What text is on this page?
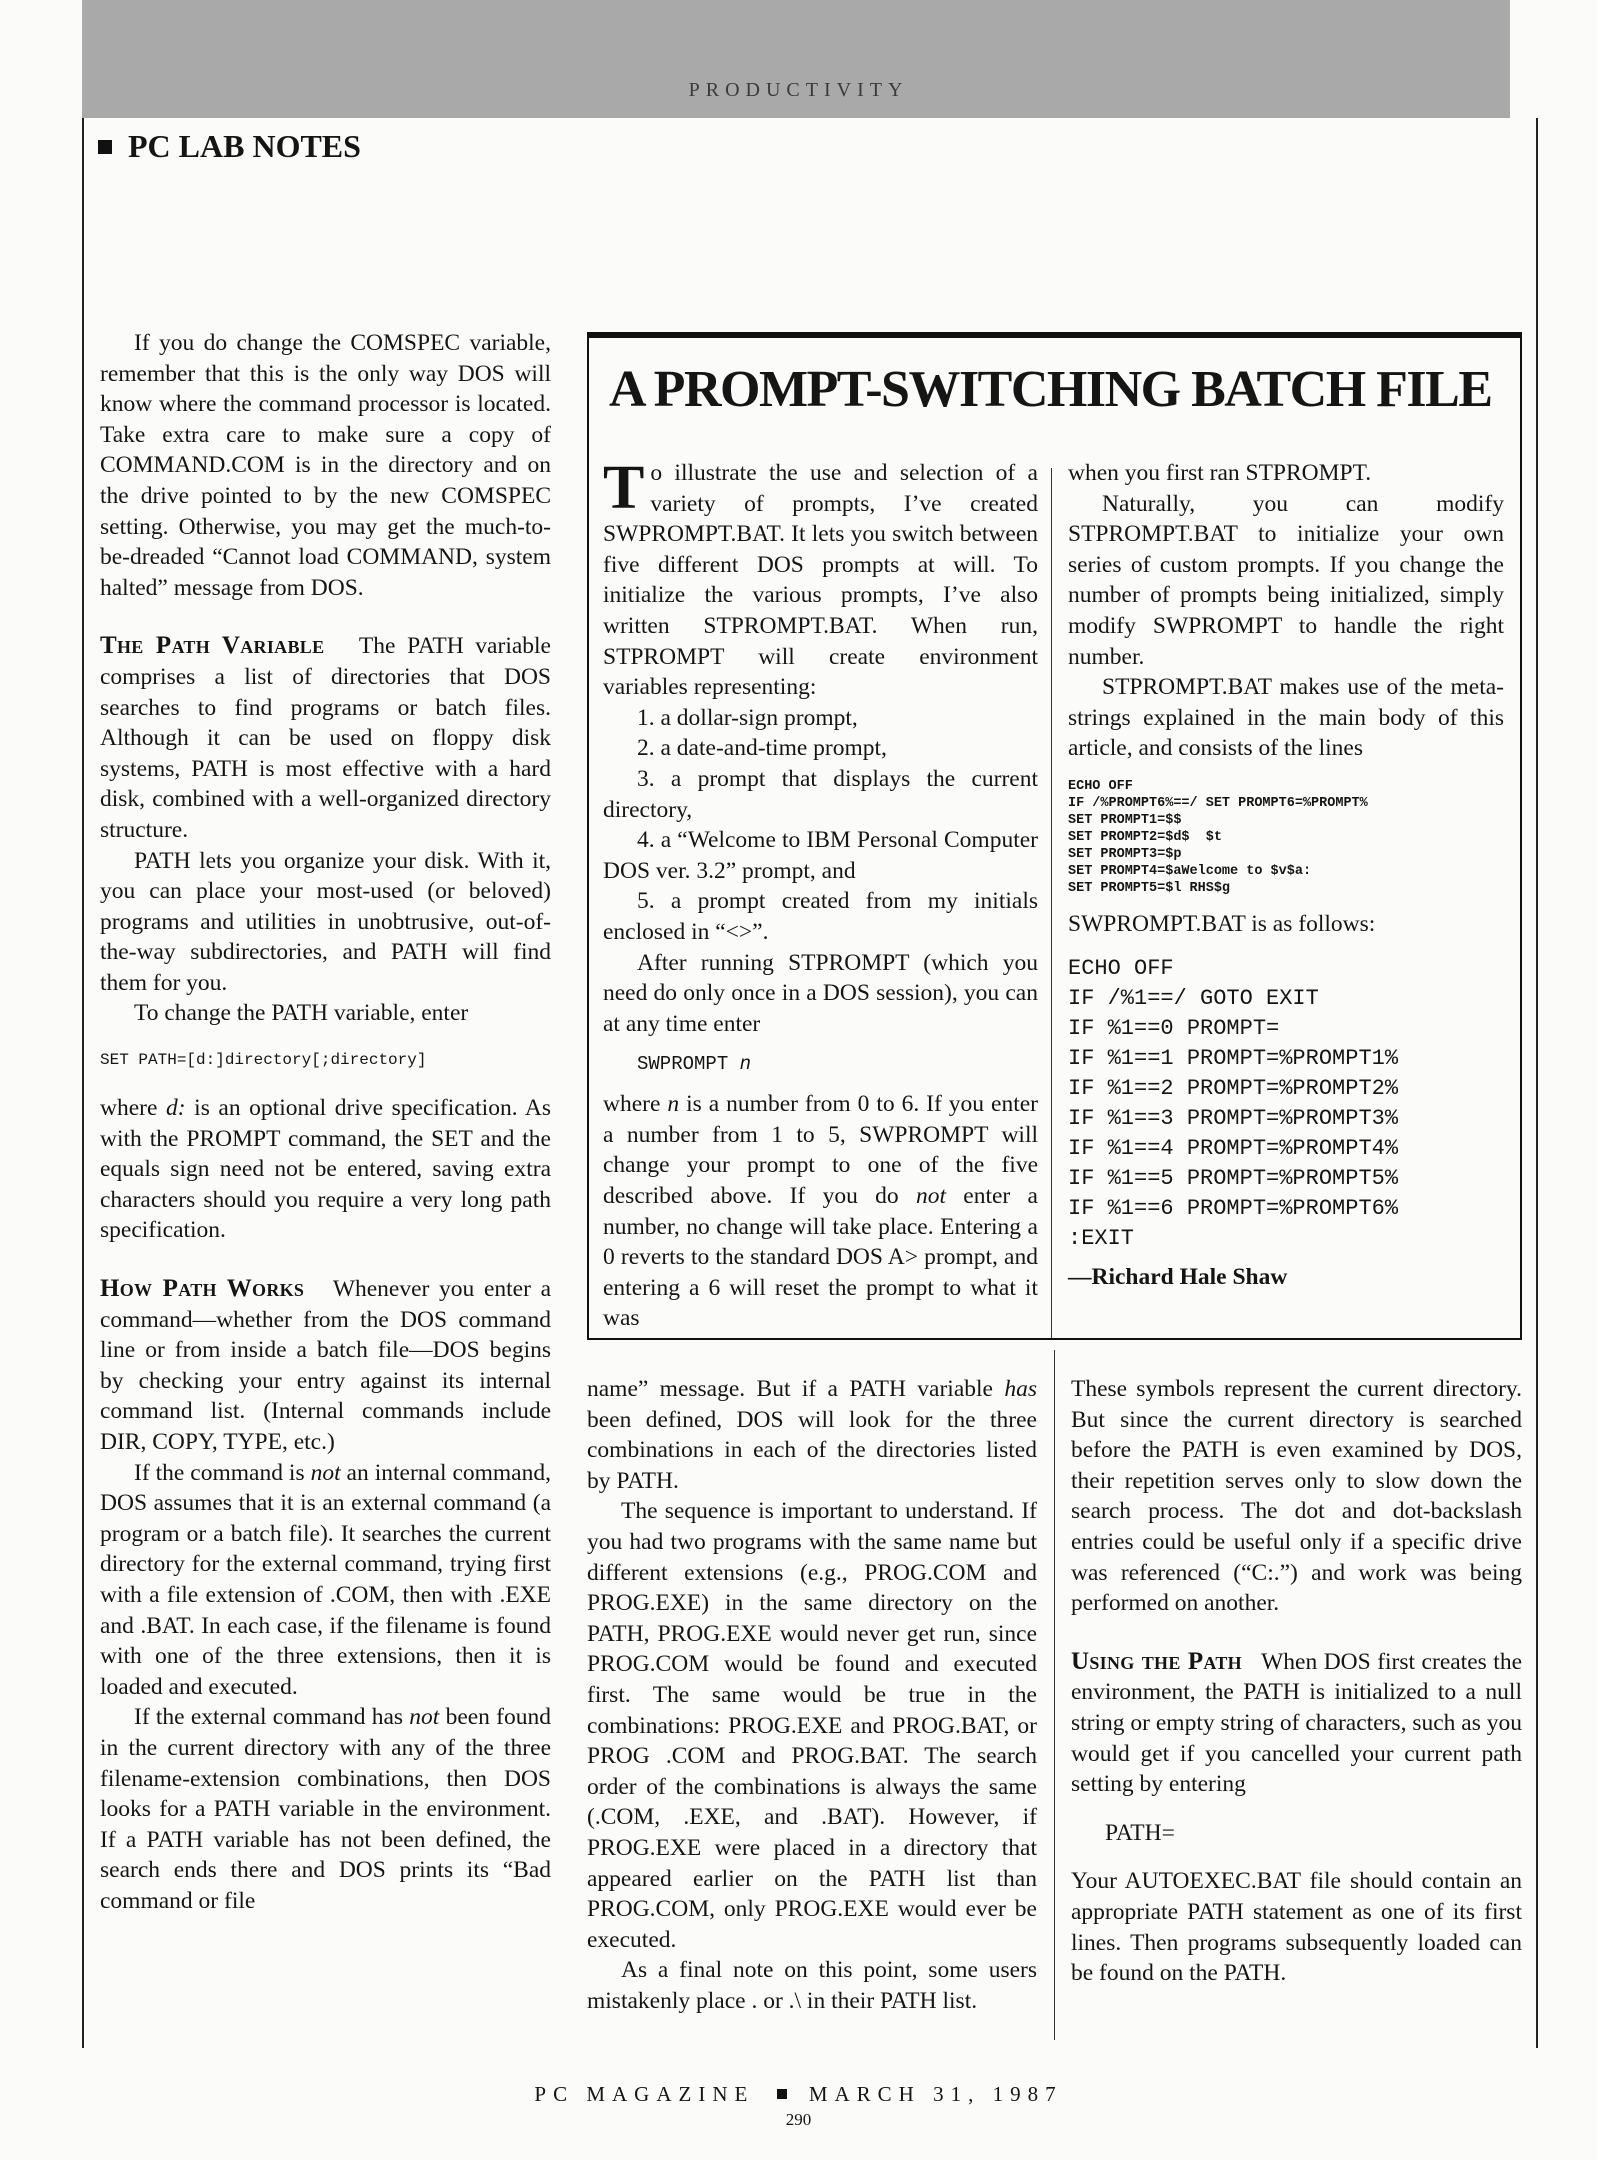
PRODUCTIVITY
PC LAB NOTES

If you do change the COMSPEC variable, remember that this is the only way DOS will know where the command processor is located. Take extra care to make sure a copy of COMMAND.COM is in the directory and on the drive pointed to by the new COMSPEC setting. Otherwise, you may get the much-to-be-dreaded “Cannot load COMMAND, system halted” message from DOS.

The Path Variable The PATH variable comprises a list of directories that DOS searches to find programs or batch files. Although it can be used on floppy disk systems, PATH is most effective with a hard disk, combined with a well-organized directory structure.

PATH lets you organize your disk. With it, you can place your most-used (or beloved) programs and utilities in unobtrusive, out-of-the-way subdirectories, and PATH will find them for you.

To change the PATH variable, enter

SET PATH=[d:]directory[;directory]

where d: is an optional drive specification. As with the PROMPT command, the SET and the equals sign need not be entered, saving extra characters should you require a very long path specification.

How Path Works Whenever you enter a command—whether from the DOS command line or from inside a batch file—DOS begins by checking your entry against its internal command list. (Internal commands include DIR, COPY, TYPE, etc.)

If the command is not an internal command, DOS assumes that it is an external command (a program or a batch file). It searches the current directory for the external command, trying first with a file extension of .COM, then with .EXE and .BAT. In each case, if the filename is found with one of the three extensions, then it is loaded and executed.

If the external command has not been found in the current directory with any of the three filename-extension combinations, then DOS looks for a PATH variable in the environment. If a PATH variable has not been defined, the search ends there and DOS prints its “Bad command or file

A PROMPT-SWITCHING BATCH FILE

To illustrate the use and selection of a variety of prompts, I’ve created SWPROMPT.BAT. It lets you switch between five different DOS prompts at will. To initialize the various prompts, I’ve also written STPROMPT.BAT. When run, STPROMPT will create environment variables representing:

1. a dollar-sign prompt,

2. a date-and-time prompt,

3. a prompt that displays the current directory,

4. a “Welcome to IBM Personal Computer DOS ver. 3.2” prompt, and

5. a prompt created from my initials enclosed in “<>”.

After running STPROMPT (which you need do only once in a DOS session), you can at any time enter

SWPROMPT n

where n is a number from 0 to 6. If you enter a number from 1 to 5, SWPROMPT will change your prompt to one of the five described above. If you do not enter a number, no change will take place. Entering a 0 reverts to the standard DOS A> prompt, and entering a 6 will reset the prompt to what it was

when you first ran STPROMPT.

Naturally, you can modify STPROMPT.BAT to initialize your own series of custom prompts. If you change the number of prompts being initialized, simply modify SWPROMPT to handle the right number.

STPROMPT.BAT makes use of the meta-strings explained in the main body of this article, and consists of the lines

ECHO OFF
IF /%PROMPT6%==/ SET PROMPT6=%PROMPT%
SET PROMPT1=$$
SET PROMPT2=$d$  $t
SET PROMPT3=$p
SET PROMPT4=$aWelcome to $v$a:
SET PROMPT5=$l RHS$g

SWPROMPT.BAT is as follows:

ECHO OFF
IF /%1==/ GOTO EXIT
IF %1==0 PROMPT=
IF %1==1 PROMPT=%PROMPT1%
IF %1==2 PROMPT=%PROMPT2%
IF %1==3 PROMPT=%PROMPT3%
IF %1==4 PROMPT=%PROMPT4%
IF %1==5 PROMPT=%PROMPT5%
IF %1==6 PROMPT=%PROMPT6%
:EXIT

—Richard Hale Shaw

name” message. But if a PATH variable has been defined, DOS will look for the three combinations in each of the directories listed by PATH.

The sequence is important to understand. If you had two programs with the same name but different extensions (e.g., PROG.COM and PROG.EXE) in the same directory on the PATH, PROG.EXE would never get run, since PROG.COM would be found and executed first. The same would be true in the combinations: PROG.EXE and PROG.BAT, or PROG .COM and PROG.BAT. The search order of the combinations is always the same (.COM, .EXE, and .BAT). However, if PROG.EXE were placed in a directory that appeared earlier on the PATH list than PROG.COM, only PROG.EXE would ever be executed.

As a final note on this point, some users mistakenly place . or .\ in their PATH list.

These symbols represent the current directory. But since the current directory is searched before the PATH is even examined by DOS, their repetition serves only to slow down the search process. The dot and dot-backslash entries could be useful only if a specific drive was referenced (“C:.”) and work was being performed on another.

Using the Path When DOS first creates the environment, the PATH is initialized to a null string or empty string of characters, such as you would get if you cancelled your current path setting by entering

PATH=

Your AUTOEXEC.BAT file should contain an appropriate PATH statement as one of its first lines. Then programs subsequently loaded can be found on the PATH.

PC MAGAZINE	MARCH 31, 1987
290
